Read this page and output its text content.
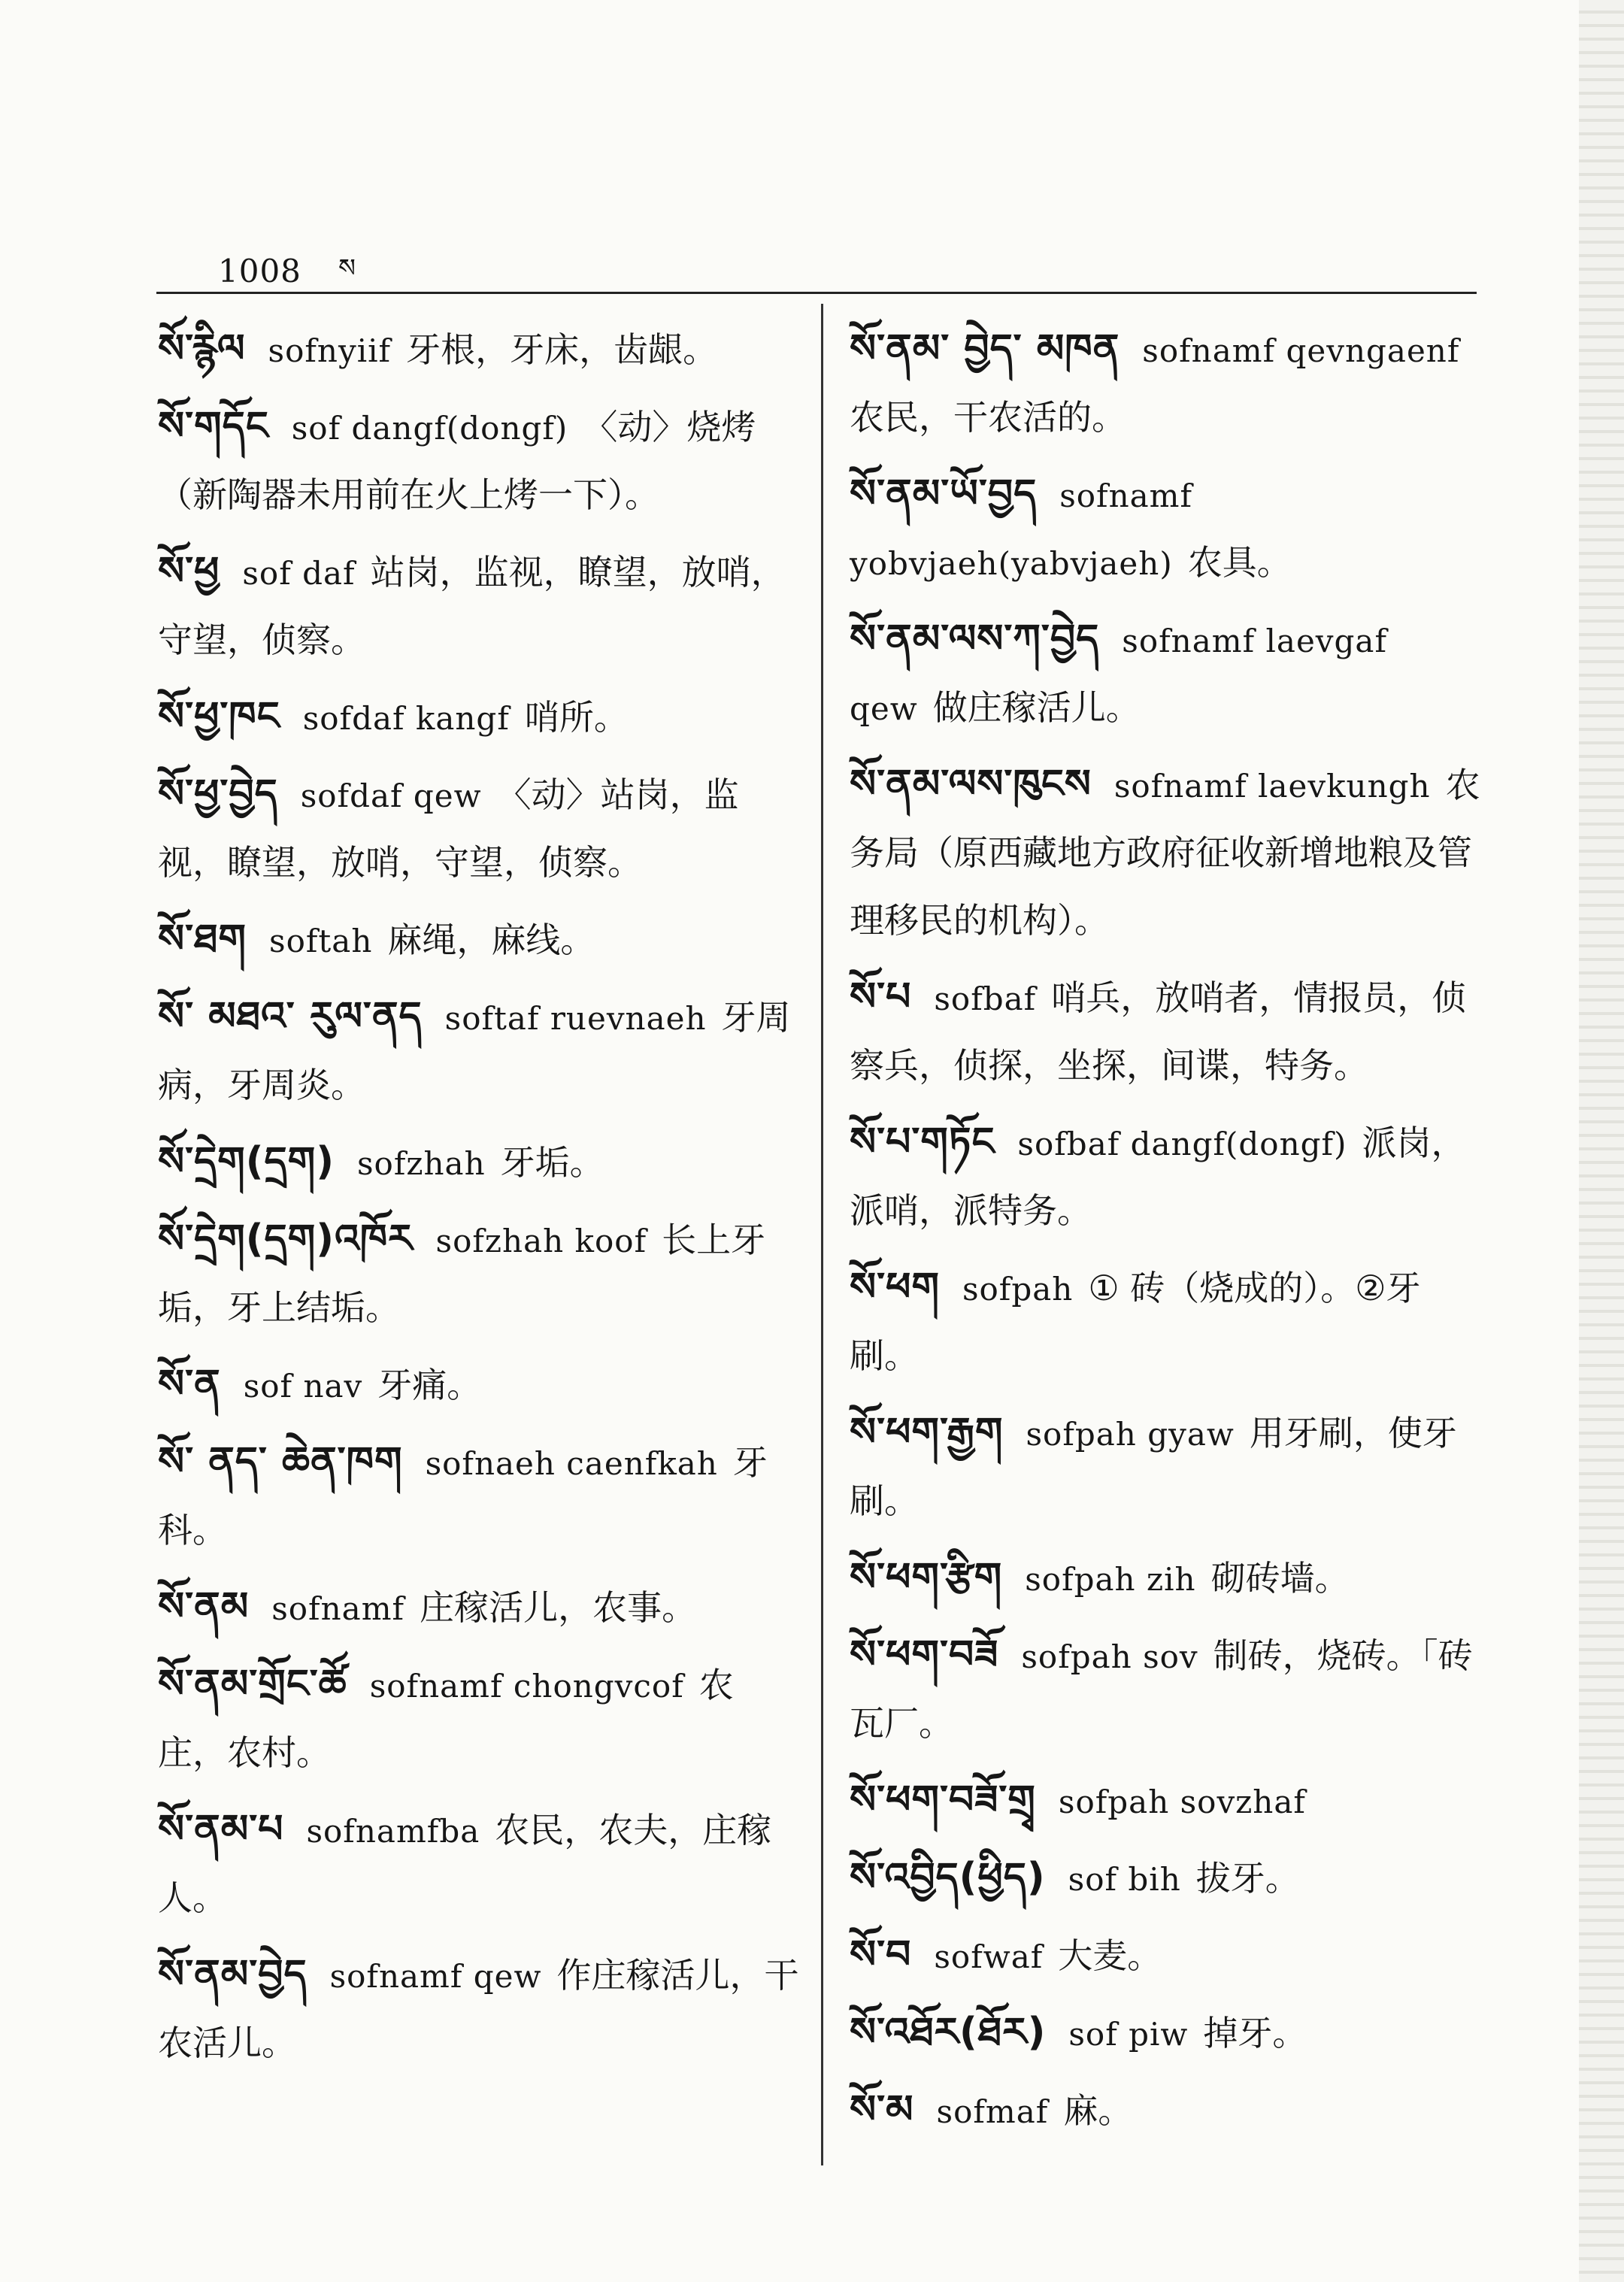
1008 ས
སོ་རྙིལ sofnyiif 牙根，牙床，齿龈。
སོ་གདོང sof dangf(dongf) 〈动〉烧烤（新陶器未用前在火上烤一下）。
སོ་ཕྱ sof daf 站岗，监视，瞭望，放哨，守望，侦察。
སོ་ཕྱ་ཁང sofdaf kangf 哨所。
སོ་ཕྱ་བྱེད sofdaf qew 〈动〉站岗，监视，瞭望，放哨，守望，侦察。
སོ་ཐག softah 麻绳，麻线。
སོ་ མཐའ་ རུལ་ནད softaf ruevnaeh 牙周病，牙周炎。
སོ་དྲེག(དྲག) sofzhah 牙垢。
སོ་དྲེག(དྲག)འཁོར sofzhah koof 长上牙垢，牙上结垢。
སོ་ན sof nav 牙痛。
སོ་ ནད་ ཆེན་ཁག sofnaeh caenfkah 牙科。
སོ་ནམ sofnamf 庄稼活儿，农事。
སོ་ནམ་གྲོང་ཚོ sofnamf chongvcof 农庄，农村。
སོ་ནམ་པ sofnamfba 农民，农夫，庄稼人。
སོ་ནམ་བྱེད sofnamf qew 作庄稼活儿，干农活儿。
སོ་ནམ་ བྱེད་ མཁན sofnamf qevngaenf农民，干农活的。
སོ་ནམ་ཡོ་བྱད sofnamf yobvjaeh(yabvjaeh) 农具。
སོ་ནམ་ལས་ཀ་བྱེད sofnamf laevgaf qew 做庄稼活儿。
སོ་ནམ་ལས་ཁུངས sofnamf laevkungh 农务局（原西藏地方政府征收新增地粮及管理移民的机构）。
སོ་པ sofbaf 哨兵，放哨者，情报员，侦察兵，侦探，坐探，间谍，特务。
སོ་པ་གཏོང sofbaf dangf(dongf) 派岗，派哨，派特务。
སོ་ཕག sofpah ① 砖（烧成的）。②牙刷。
སོ་ཕག་རྒྱག sofpah gyaw 用牙刷，使牙刷。
སོ་ཕག་རྩིག sofpah zih 砌砖墙。
སོ་ཕག་བཟོ sofpah sov 制砖，烧砖。「砖瓦厂。
སོ་ཕག་བཟོ་གྲྭ sofpah sovzhaf
སོ་འབྱིད(ཕྱིད) sof bih 拔牙。
སོ་བ sofwaf 大麦。
སོ་འཐོར(ཐོར) sof piw 掉牙。
སོ་མ sofmaf 麻。
